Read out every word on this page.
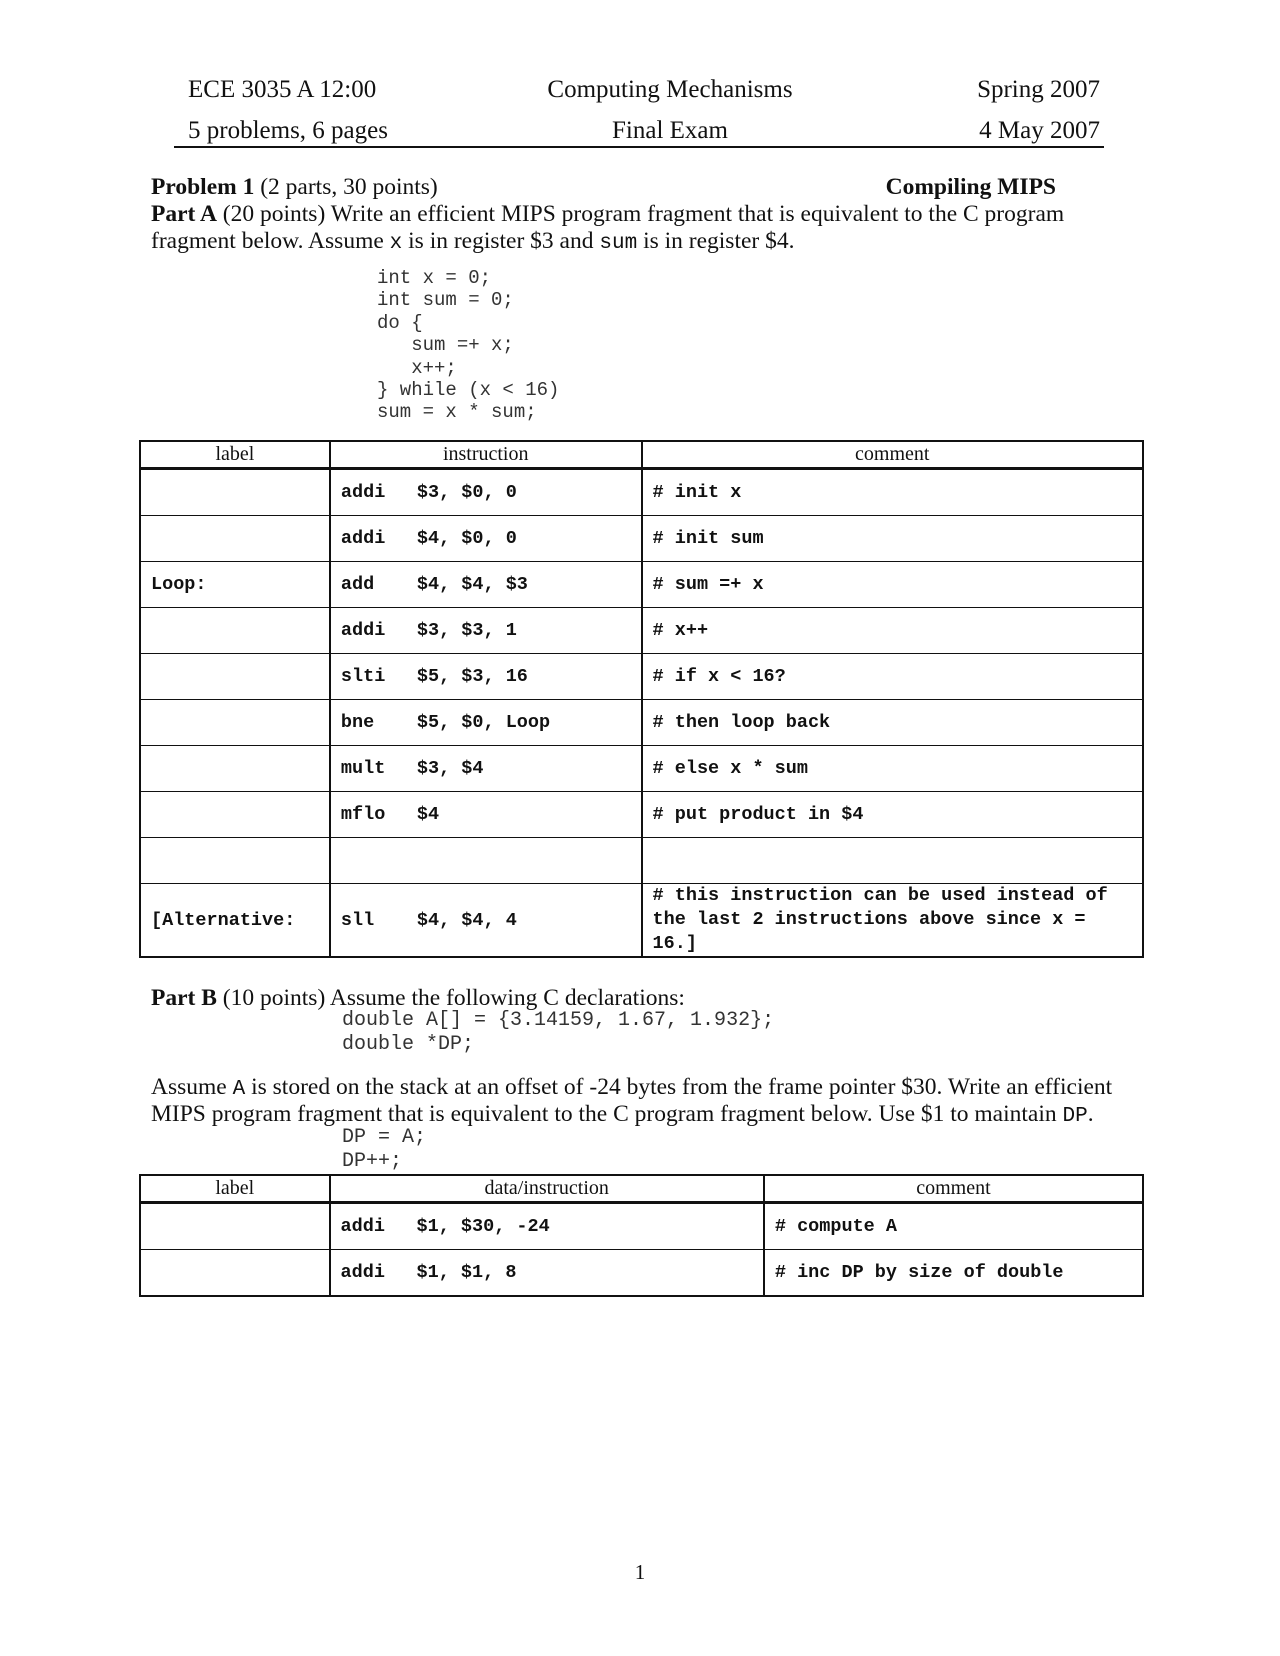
ECE 3035 A 12:00	Computing Mechanisms	Spring 2007
5 problems, 6 pages	Final Exam	4 May 2007
Problem 1 (2 parts, 30 points)	Compiling MIPS
Part A (20 points) Write an efficient MIPS program fragment that is equivalent to the C program
fragment below. Assume x is in register $3 and sum is in register $4.
int x = 0;
int sum = 0;
do {
sum =+ x;
x++;
} while (x < 16)
sum = x * sum;
label	instruction	comment
	addi $3, $0, 0	# init x
	addi $4, $0, 0	# init sum
Loop:	add $4, $4, $3	# sum =+ x
	addi $3, $3, 1	# x++
	slti $5, $3, 16	# if x < 16?
	bne $5, $0, Loop	# then loop back
	mult $3, $4	# else x * sum
	mflo $4	# put product in $4

[Alternative:	sll $4, $4, 4	# this instruction can be used instead of the last 2 instructions above since x = 16.]
Part B (10 points) Assume the following C declarations:
double A[] = {3.14159, 1.67, 1.932};
double *DP;
Assume A is stored on the stack at an offset of -24 bytes from the frame pointer $30. Write an efficient
MIPS program fragment that is equivalent to the C program fragment below. Use $1 to maintain DP.
DP = A;
DP++;
label	data/instruction	comment
	addi $1, $30, -24	# compute A
	addi $1, $1, 8	# inc DP by size of double
1
